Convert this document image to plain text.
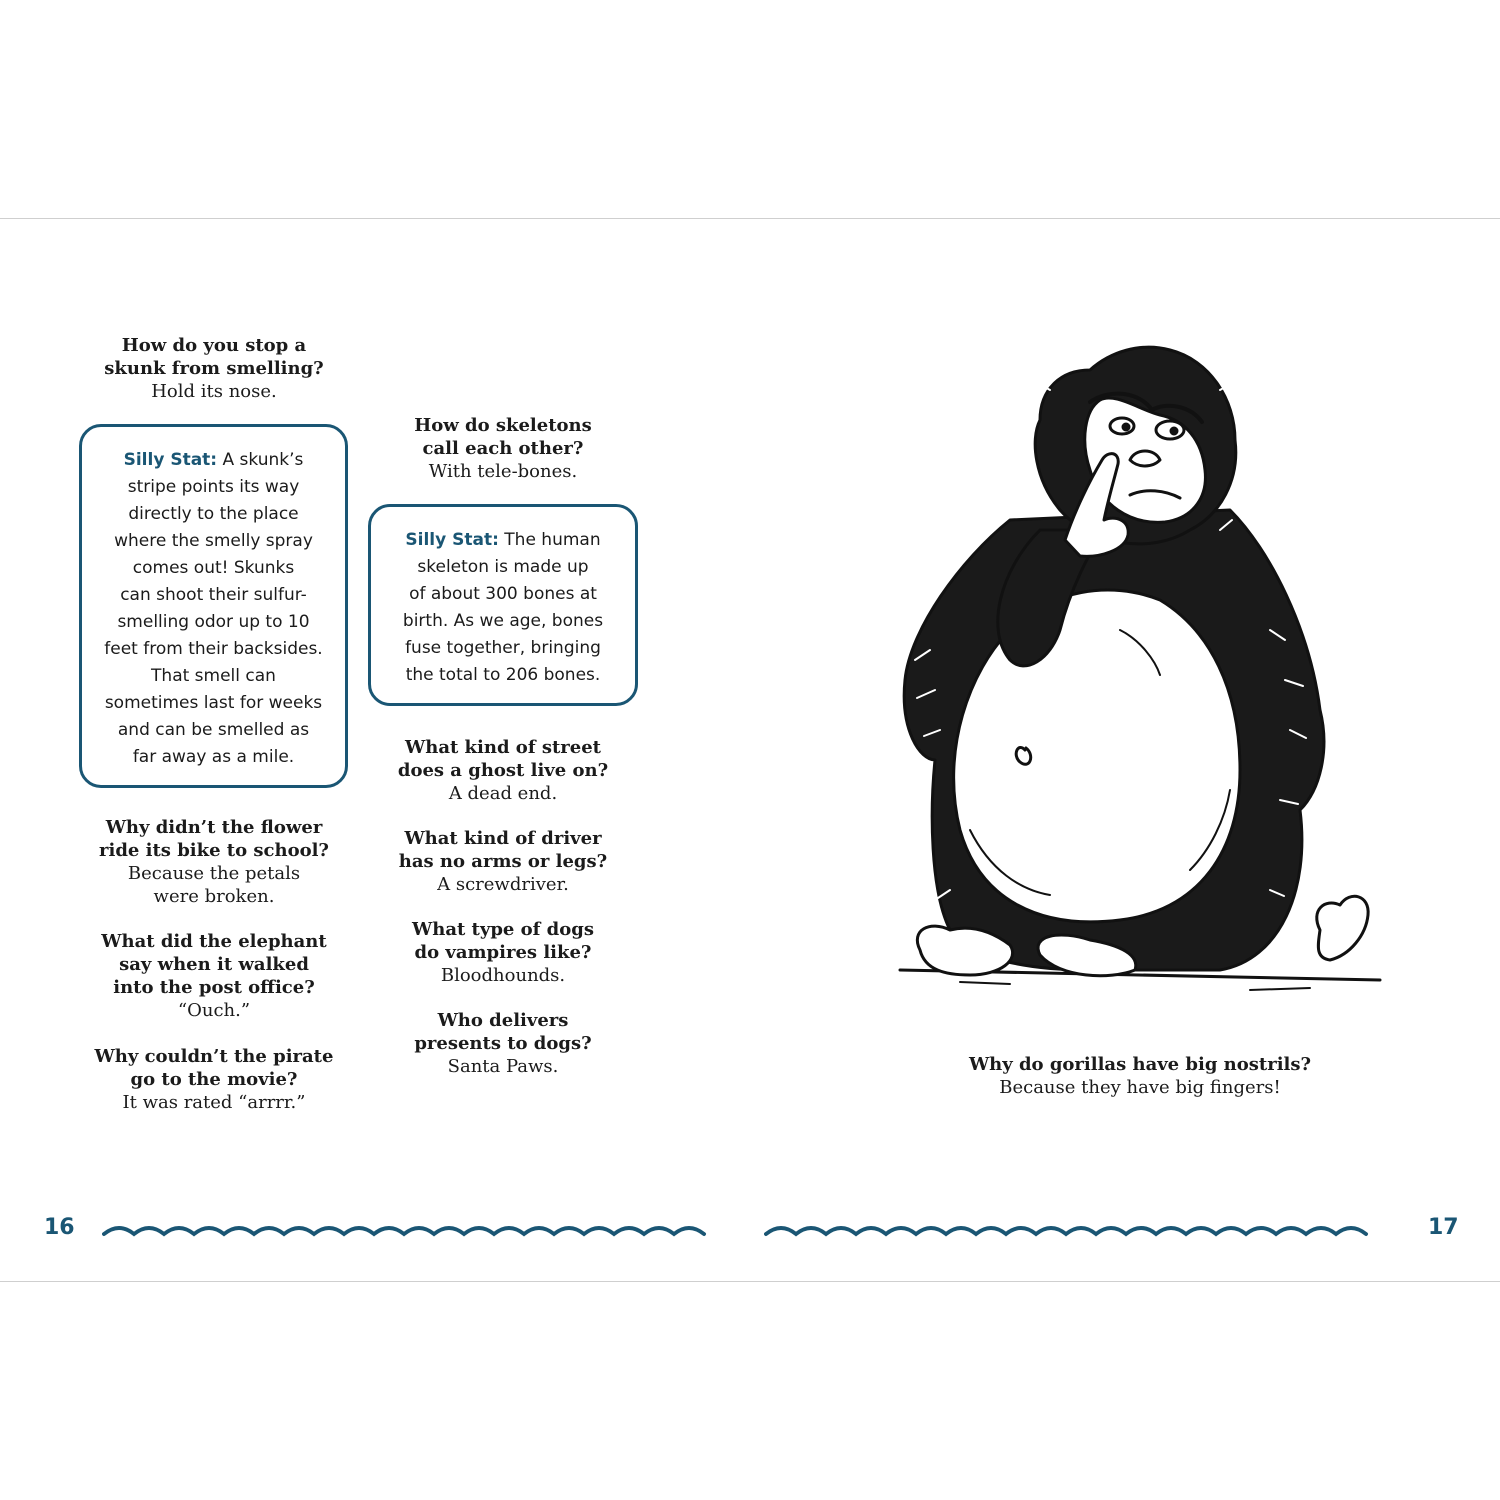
How do you stop a
skunk from smelling?
Hold its nose.
Silly Stat: A skunk’s
stripe points its way
directly to the place
where the smelly spray
comes out! Skunks
can shoot their sulfur-
smelling odor up to 10
feet from their backsides.
That smell can
sometimes last for weeks
and can be smelled as
far away as a mile.
Why didn’t the flower
ride its bike to school?
Because the petals
were broken.
What did the elephant
say when it walked
into the post office?
“Ouch.”
Why couldn’t the pirate
go to the movie?
It was rated “arrrr.”
How do skeletons
call each other?
With tele-bones.
Silly Stat: The human
skeleton is made up
of about 300 bones at
birth. As we age, bones
fuse together, bringing
the total to 206 bones.
What kind of street
does a ghost live on?
A dead end.
What kind of driver
has no arms or legs?
A screwdriver.
What type of dogs
do vampires like?
Bloodhounds.
Who delivers
presents to dogs?
Santa Paws.	Why do gorillas have big nostrils?
Because they have big fingers!
16	17
